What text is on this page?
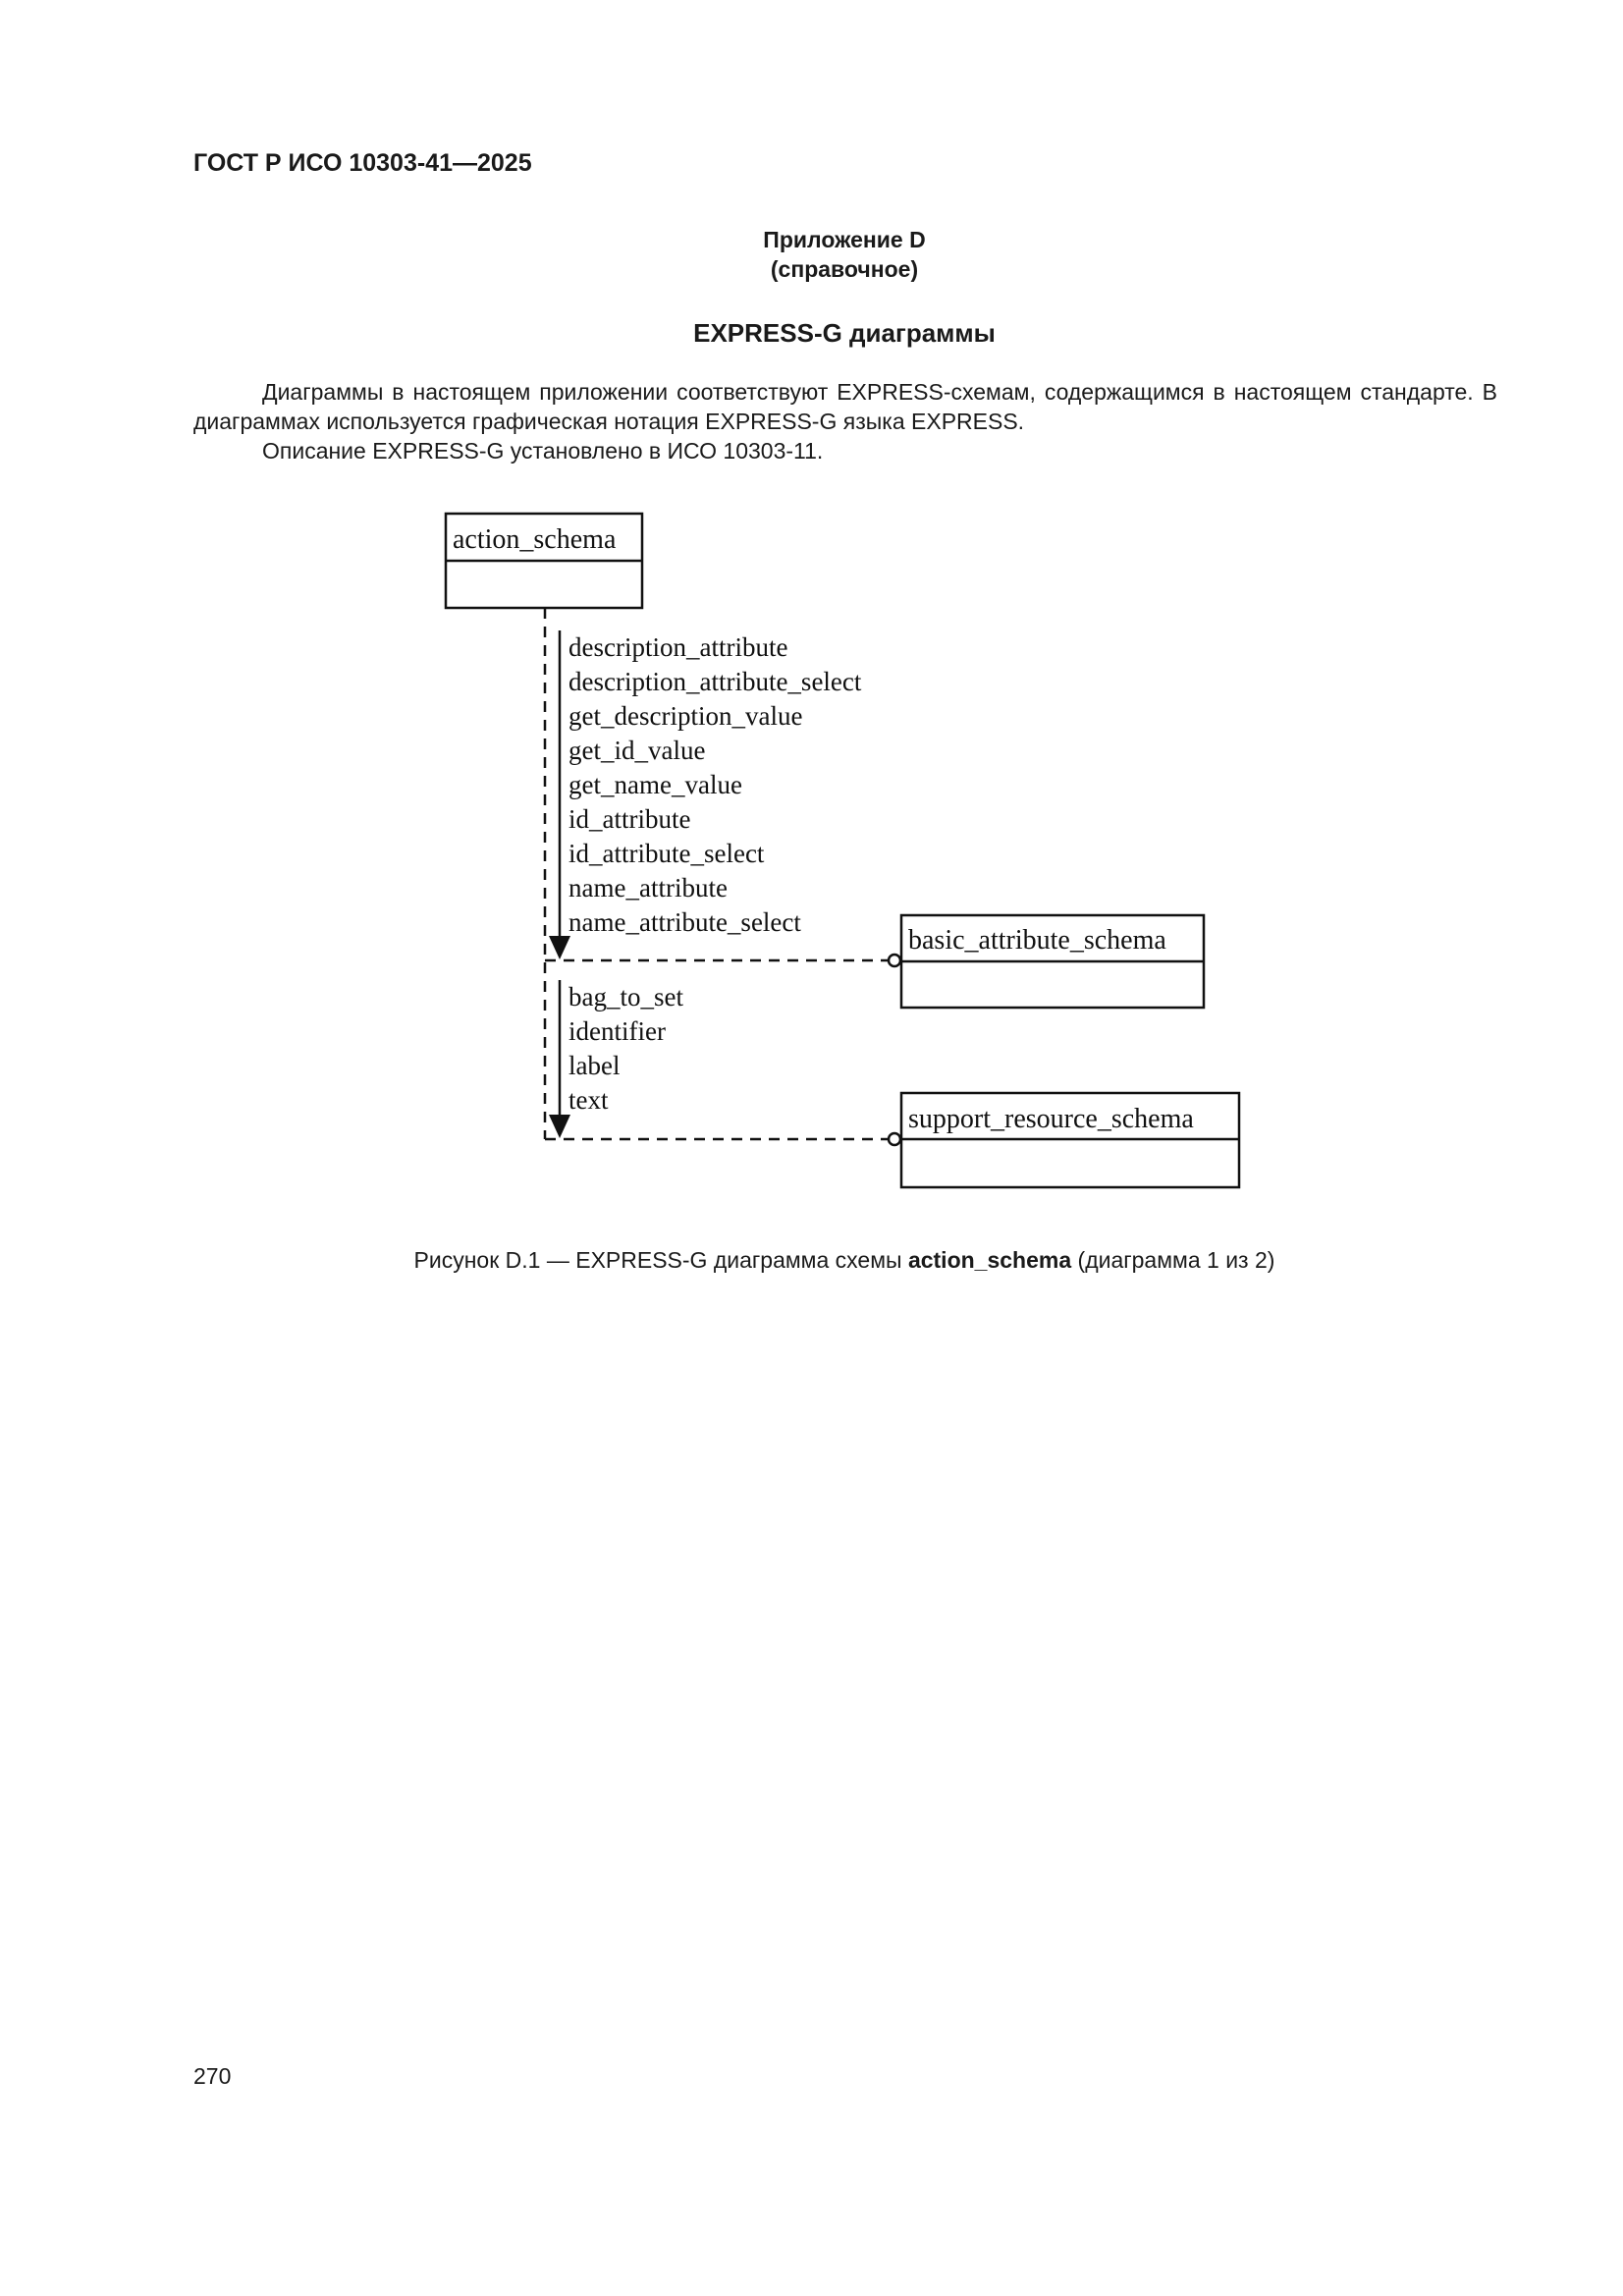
ГОСТ Р ИСО 10303-41—2025
Приложение D
(справочное)
EXPRESS-G диаграммы
Диаграммы в настоящем приложении соответствуют EXPRESS-схемам, содержащимся в настоящем стандарте. В диаграммах используется графическая нотация EXPRESS-G языка EXPRESS.
Описание EXPRESS-G установлено в ИСО 10303-11.
action_schema
description_attribute
description_attribute_select
get_description_value
get_id_value
get_name_value
id_attribute
id_attribute_select
name_attribute
name_attribute_select
basic_attribute_schema
bag_to_set
identifier
label
text
support_resource_schema
Рисунок D.1 — EXPRESS-G диаграмма схемы action_schema (диаграмма 1 из 2)
270
